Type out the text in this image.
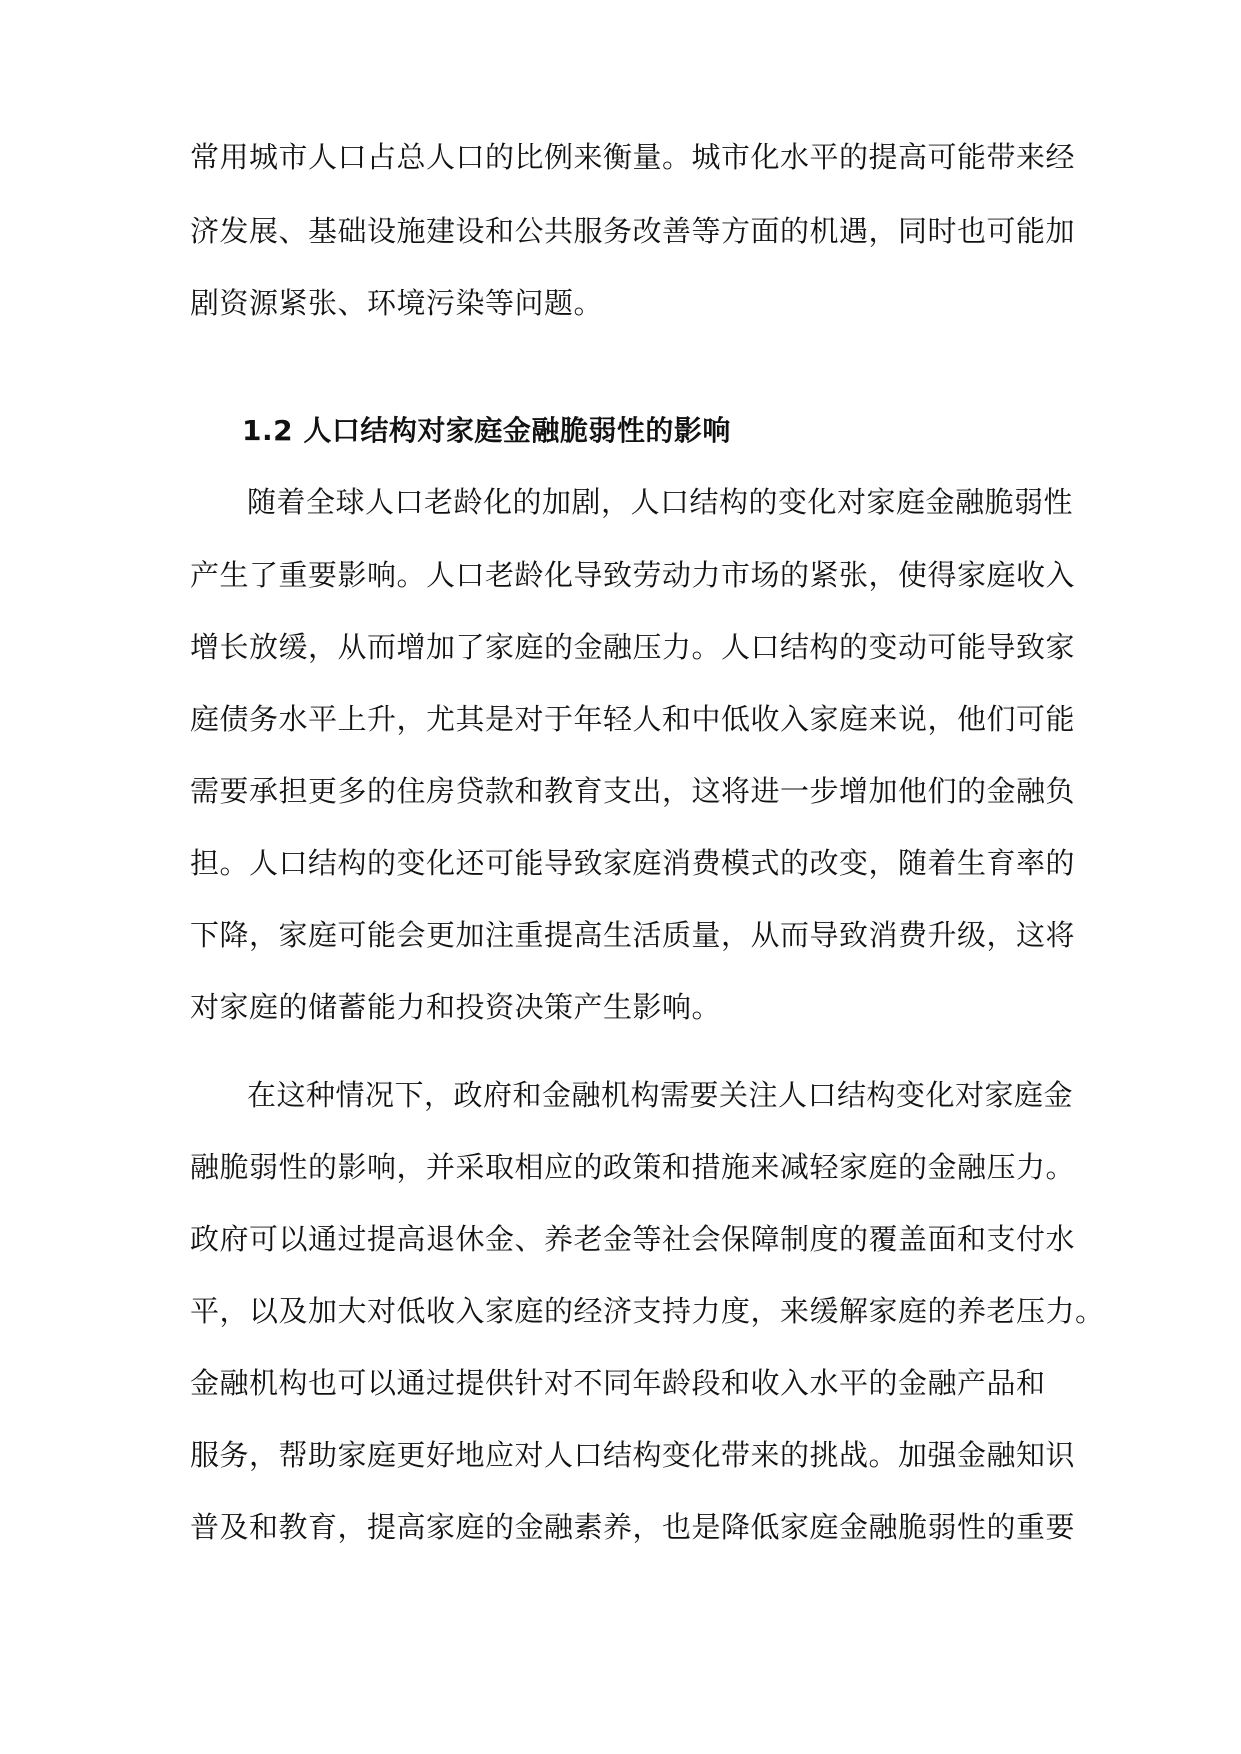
常用城市人口占总人口的比例来衡量。城市化水平的提高可能带来经
济发展、基础设施建设和公共服务改善等方面的机遇，同时也可能加
剧资源紧张、环境污染等问题。
1.2 人口结构对家庭金融脆弱性的影响
随着全球人口老龄化的加剧，人口结构的变化对家庭金融脆弱性
产生了重要影响。人口老龄化导致劳动力市场的紧张，使得家庭收入
增长放缓，从而增加了家庭的金融压力。人口结构的变动可能导致家
庭债务水平上升，尤其是对于年轻人和中低收入家庭来说，他们可能
需要承担更多的住房贷款和教育支出，这将进一步增加他们的金融负
担。人口结构的变化还可能导致家庭消费模式的改变，随着生育率的
下降，家庭可能会更加注重提高生活质量，从而导致消费升级，这将
对家庭的储蓄能力和投资决策产生影响。
在这种情况下，政府和金融机构需要关注人口结构变化对家庭金
融脆弱性的影响，并采取相应的政策和措施来减轻家庭的金融压力。
政府可以通过提高退休金、养老金等社会保障制度的覆盖面和支付水
平，以及加大对低收入家庭的经济支持力度，来缓解家庭的养老压力。
金融机构也可以通过提供针对不同年龄段和收入水平的金融产品和
服务，帮助家庭更好地应对人口结构变化带来的挑战。加强金融知识
普及和教育，提高家庭的金融素养，也是降低家庭金融脆弱性的重要
